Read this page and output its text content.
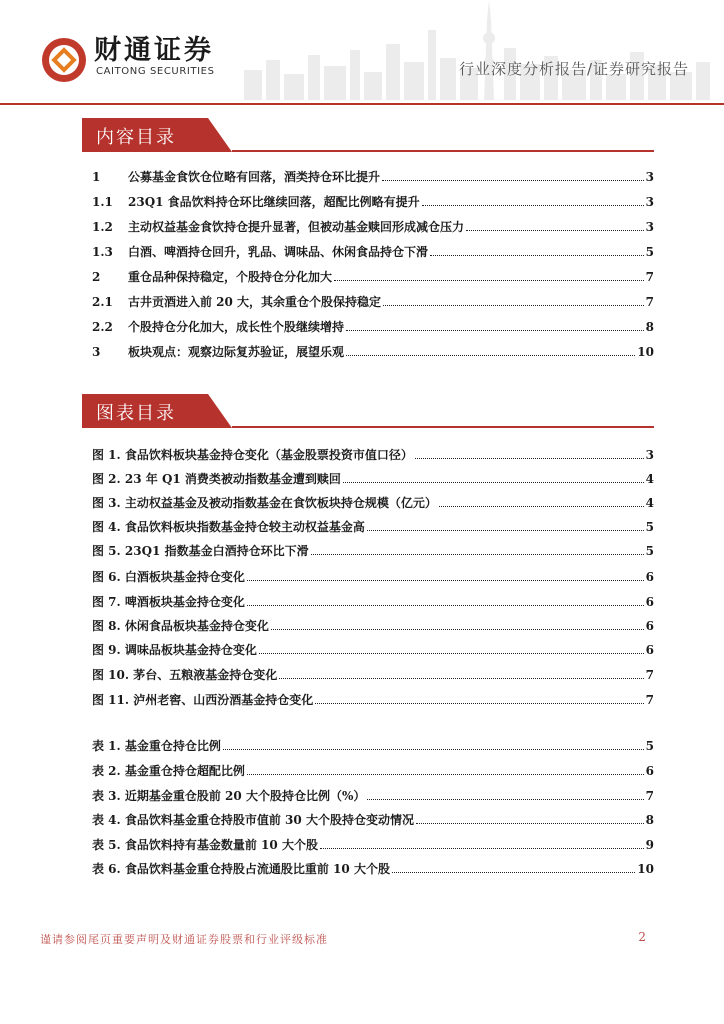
财通证券
CAITONG SECURITIES	行业深度分析报告/证券研究报告
内容目录
1	公募基金食饮仓位略有回落，酒类持仓环比提升	3
1.1	23Q1 食品饮料持仓环比继续回落，超配比例略有提升	3
1.2	主动权益基金食饮持仓提升显著，但被动基金赎回形成减仓压力	3
1.3	白酒、啤酒持仓回升，乳品、调味品、休闲食品持仓下滑	5
2	重仓品种保持稳定，个股持仓分化加大	7
2.1	古井贡酒进入前 20 大，其余重仓个股保持稳定	7
2.2	个股持仓分化加大，成长性个股继续增持	8
3	板块观点：观察边际复苏验证，展望乐观	10
图表目录
图 1. 食品饮料板块基金持仓变化（基金股票投资市值口径）	3
图 2. 23 年 Q1 消费类被动指数基金遭到赎回	4
图 3. 主动权益基金及被动指数基金在食饮板块持仓规模（亿元）	4
图 4. 食品饮料板块指数基金持仓较主动权益基金高	5
图 5. 23Q1 指数基金白酒持仓环比下滑	5
图 6. 白酒板块基金持仓变化	6
图 7. 啤酒板块基金持仓变化	6
图 8. 休闲食品板块基金持仓变化	6
图 9. 调味品板块基金持仓变化	6
图 10. 茅台、五粮液基金持仓变化	7
图 11. 泸州老窖、山西汾酒基金持仓变化	7
表 1. 基金重仓持仓比例	5
表 2. 基金重仓持仓超配比例	6
表 3. 近期基金重仓股前 20 大个股持仓比例（%）	7
表 4. 食品饮料基金重仓持股市值前 30 大个股持仓变动情况	8
表 5. 食品饮料持有基金数量前 10 大个股	9
表 6. 食品饮料基金重仓持股占流通股比重前 10 大个股	10
谨请参阅尾页重要声明及财通证券股票和行业评级标准	2
